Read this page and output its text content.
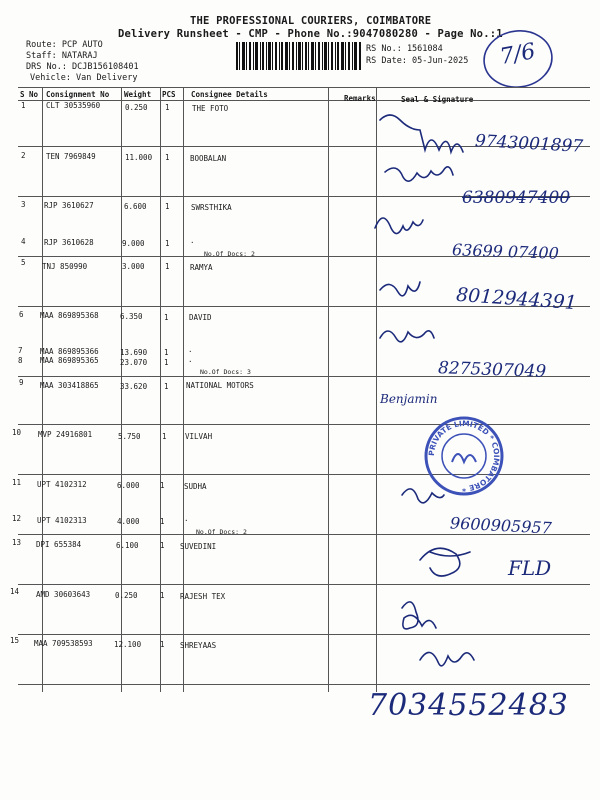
THE PROFESSIONAL COURIERS, COIMBATORE
Delivery Runsheet - CMP - Phone No.:9047080280 - Page No.:1
Route: PCP AUTO
Staff: NATARAJ
DRS No.: DCJB156108401
Vehicle: Van Delivery
RS No.: 1561084
RS Date: 05-Jun-2025 7/6
S No Consignment No Weight PCS Consignee Details	Remarks	Seal & Signature
1	CLT 30535960	0.250 1	THE FOTO
2	TEN 7969849	11.000 1	BOOBALAN
3 RJP 3610627	6.600 1	SWRSTHIKA
4 RJP 3610628	9.000	1	.
No.Of Docs: 2
5 TNJ 850990	3.000	1	RAMYA
6 MAA 869895368	6.350	1	DAVID
7 MAA 869895366	13.690 1	.
8 MAA 869895365	23.070 1	.
No.Of Docs: 3
9 MAA 303418865	33.620 1 NATIONAL MOTORS
10 MVP 24916801	5.750	1 VILVAH
11 UPT 4102312	6.000	1	SUDHA
12 UPT 4102313	4.000	1	.
No.Of Docs: 2
13 DPI 655384	6.100	1 SUVEDINI
14 AMD 30603643	0.250	1 RAJESH TEX
15 MAA 709538593	12.100	1 SHREYAAS
9743001897
6380947400
63699 07400
8012944391
8275307049
Benjamin
9600905957
FLD
7034552483
PRIVATE LIMITED * COIMBATORE *
